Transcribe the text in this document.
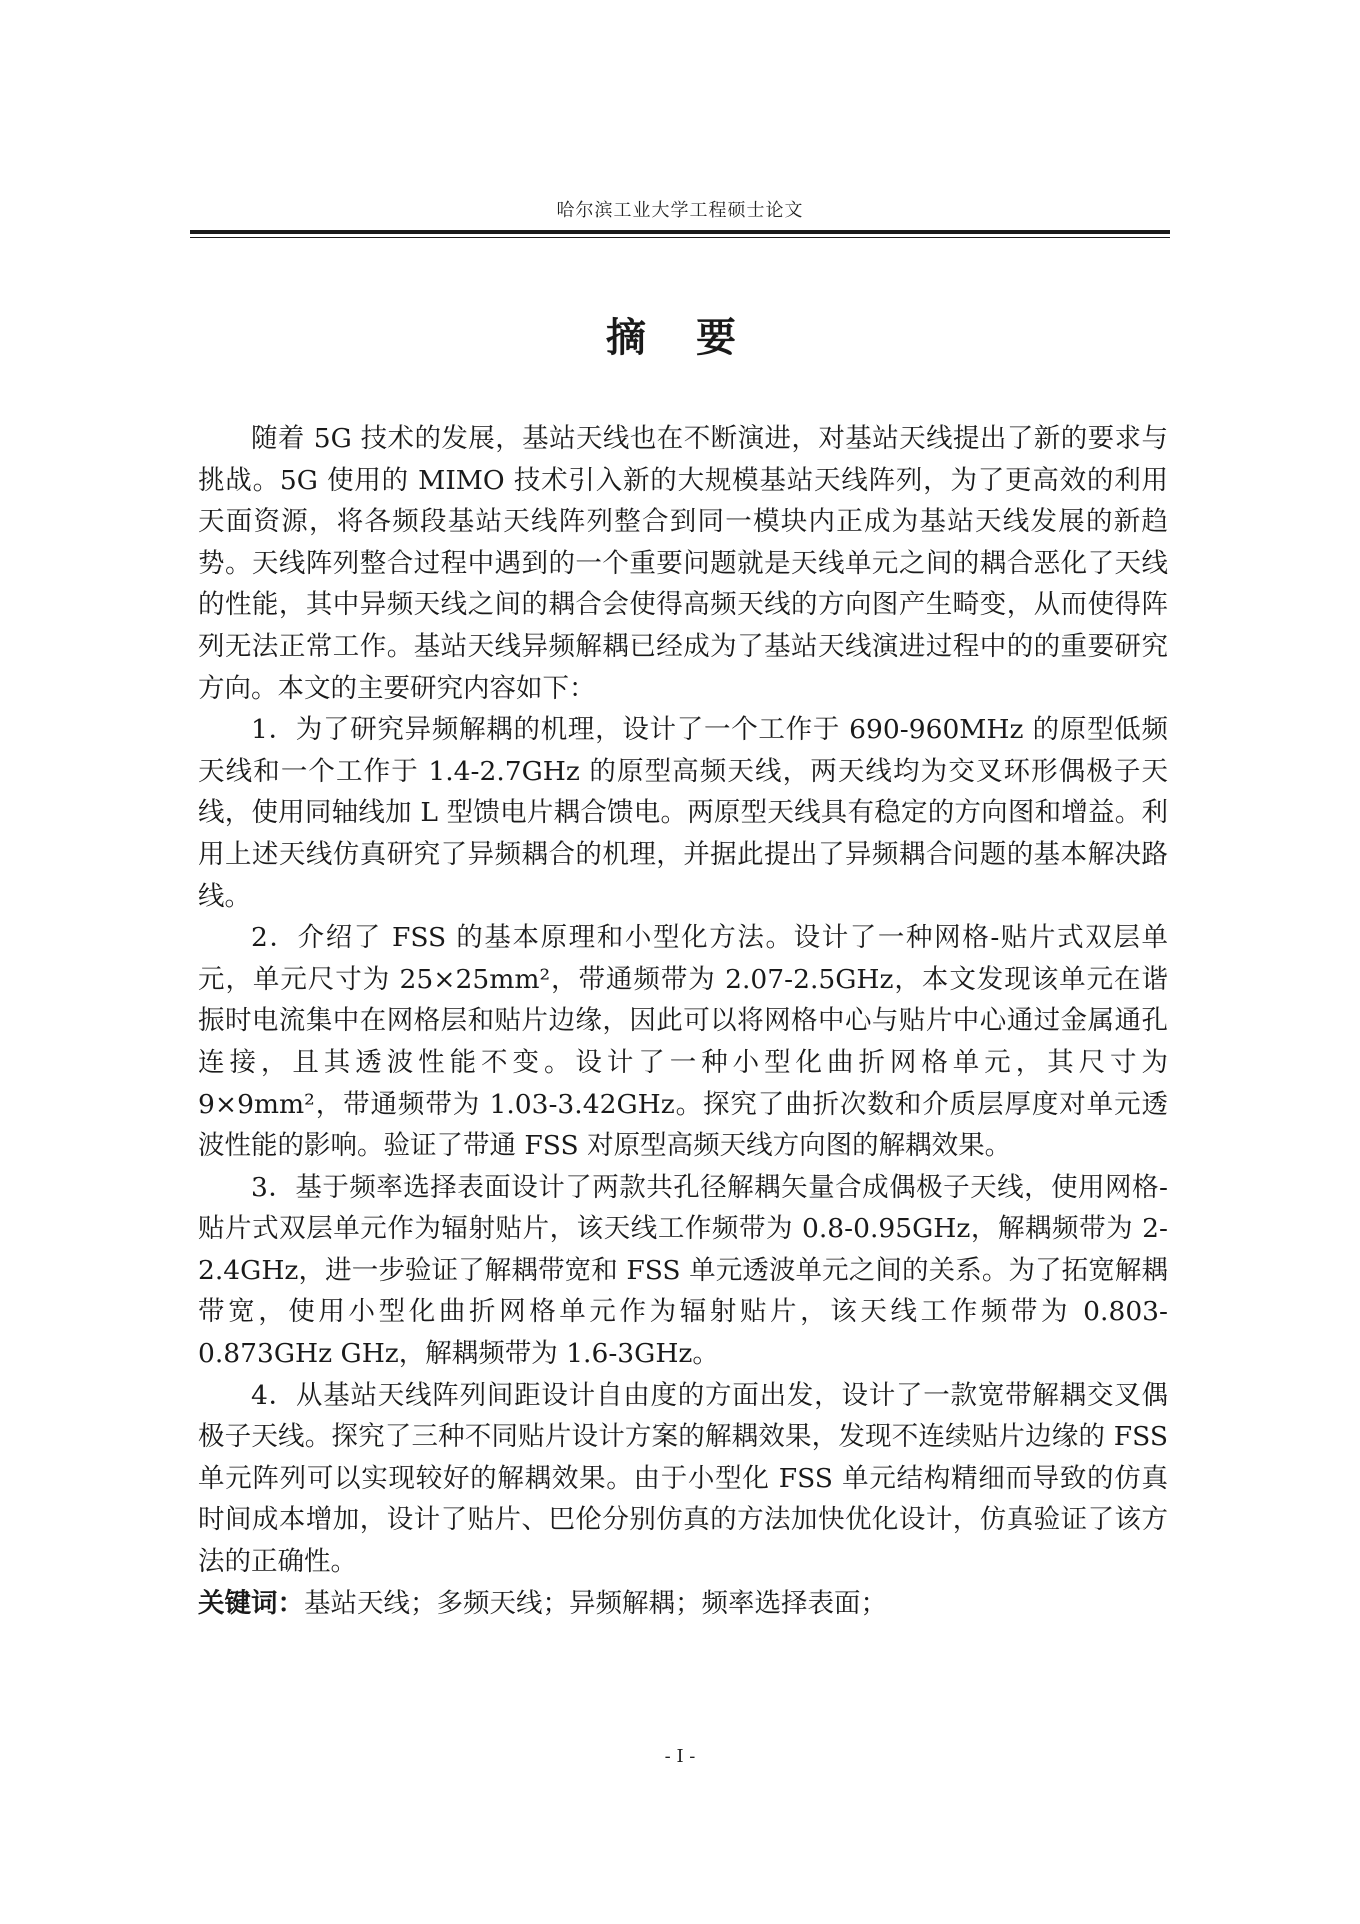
哈尔滨工业大学工程硕士论文
摘 要

随着 5G 技术的发展，基站天线也在不断演进，对基站天线提出了新的要求与挑战。5G 使用的 MIMO 技术引入新的大规模基站天线阵列，为了更高效的利用天面资源，将各频段基站天线阵列整合到同一模块内正成为基站天线发展的新趋势。天线阵列整合过程中遇到的一个重要问题就是天线单元之间的耦合恶化了天线的性能，其中异频天线之间的耦合会使得高频天线的方向图产生畸变，从而使得阵列无法正常工作。基站天线异频解耦已经成为了基站天线演进过程中的的重要研究方向。本文的主要研究内容如下：

1．为了研究异频解耦的机理，设计了一个工作于 690-960MHz 的原型低频天线和一个工作于 1.4-2.7GHz 的原型高频天线，两天线均为交叉环形偶极子天线，使用同轴线加 L 型馈电片耦合馈电。两原型天线具有稳定的方向图和增益。利用上述天线仿真研究了异频耦合的机理，并据此提出了异频耦合问题的基本解决路线。

2．介绍了 FSS 的基本原理和小型化方法。设计了一种网格-贴片式双层单元，单元尺寸为 25×25mm²，带通频带为 2.07-2.5GHz，本文发现该单元在谐振时电流集中在网格层和贴片边缘，因此可以将网格中心与贴片中心通过金属通孔连接，且其透波性能不变。设计了一种小型化曲折网格单元，其尺寸为 9×9mm²，带通频带为 1.03-3.42GHz。探究了曲折次数和介质层厚度对单元透波性能的影响。验证了带通 FSS 对原型高频天线方向图的解耦效果。

3．基于频率选择表面设计了两款共孔径解耦矢量合成偶极子天线，使用网格-贴片式双层单元作为辐射贴片，该天线工作频带为 0.8-0.95GHz，解耦频带为 2-2.4GHz，进一步验证了解耦带宽和 FSS 单元透波单元之间的关系。为了拓宽解耦带宽，使用小型化曲折网格单元作为辐射贴片，该天线工作频带为 0.803-0.873GHz GHz，解耦频带为 1.6-3GHz。

4．从基站天线阵列间距设计自由度的方面出发，设计了一款宽带解耦交叉偶极子天线。探究了三种不同贴片设计方案的解耦效果，发现不连续贴片边缘的 FSS 单元阵列可以实现较好的解耦效果。由于小型化 FSS 单元结构精细而导致的仿真时间成本增加，设计了贴片、巴伦分别仿真的方法加快优化设计，仿真验证了该方法的正确性。

关键词：基站天线；多频天线；异频解耦；频率选择表面；

- I -
